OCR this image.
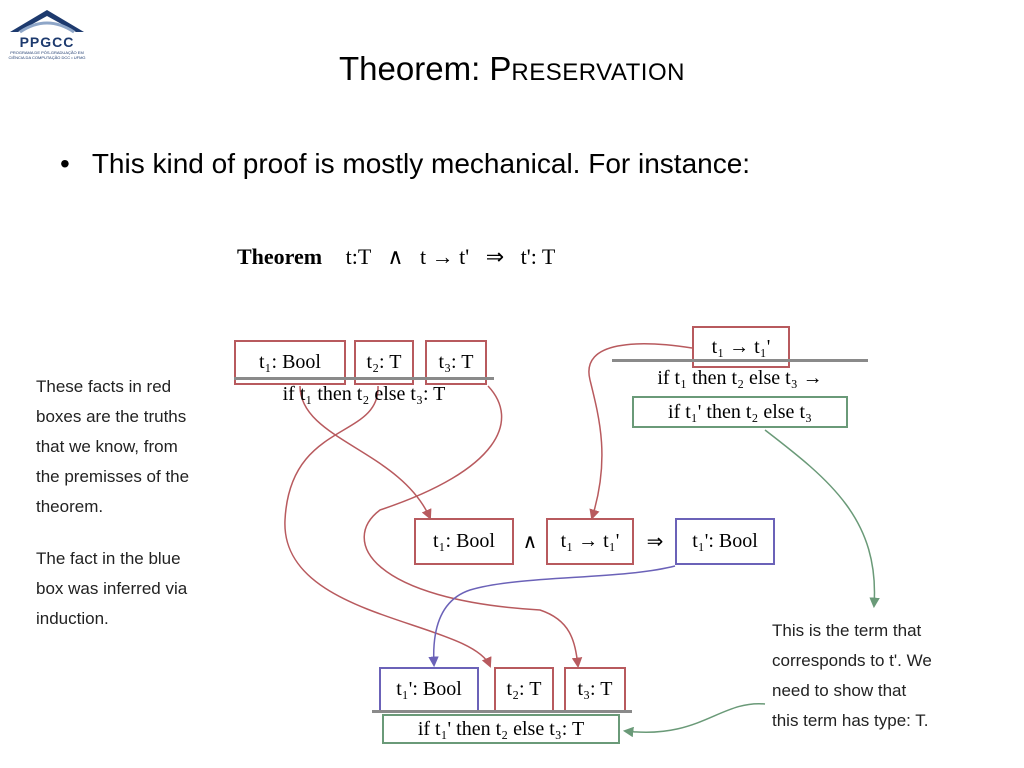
PPGCC
PROGRAMA DE PÓS-GRADUAÇÃO EM CIÊNCIA DA COMPUTAÇÃO DCC • UFMG	Theorem: PRESERVATION
• This kind of proof is mostly mechanical. For instance:
Theorem t:T   ∧   t → t'   ⇒   t': T
t₁: Bool	t₂: T	t₃: T
if t₁ then t₂ else t₃: T
t₁ → t₁'
if t₁ then t₂ else t₃ →
if t₁' then t₂ else t₃
t₁: Bool	∧	t₁ → t₁'	⇒	t₁': Bool
t₁': Bool	t₂: T	t₃: T
if t₁' then t₂ else t₃: T
These facts in red
boxes are the truths
that we know, from
the premisses of the
theorem.
The fact in the blue
box was inferred via
induction.
This is the term that
corresponds to t'. We
need to show that
this term has type: T.
